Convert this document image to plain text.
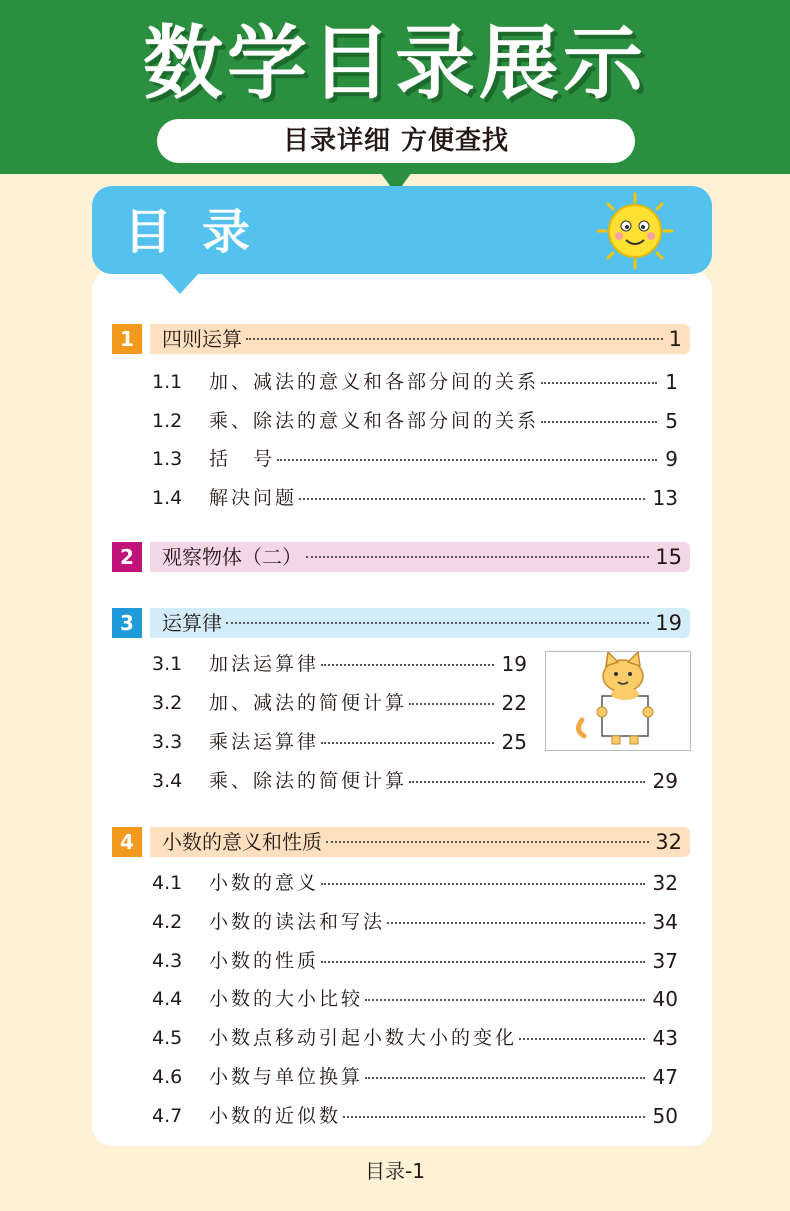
数学目录展示
目录详细 方便查找
目录
1	四则运算	1
1.1	加、减法的意义和各部分间的关系	1
1.2	乘、除法的意义和各部分间的关系	5
1.3	括　号	9
1.4	解决问题	13
2	观察物体（二）	15
3	运算律	19
3.1	加法运算律	19
3.2	加、减法的简便计算	22
3.3	乘法运算律	25
3.4	乘、除法的简便计算	29
4	小数的意义和性质	32
4.1	小数的意义	32
4.2	小数的读法和写法	34
4.3	小数的性质	37
4.4	小数的大小比较	40
4.5	小数点移动引起小数大小的变化	43
4.6	小数与单位换算	47
4.7	小数的近似数	50
目录-1
